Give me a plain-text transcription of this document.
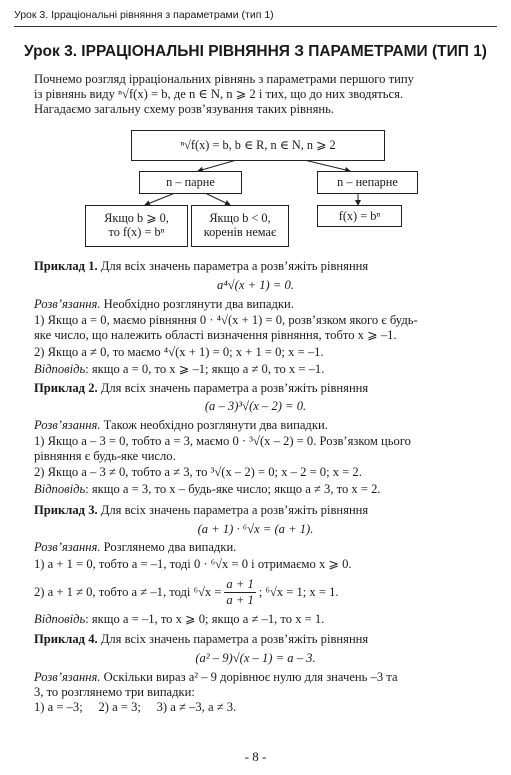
Урок 3. Ірраціональні рівняння з параметрами (тип 1)
Урок 3. ІРРАЦІОНАЛЬНІ РІВНЯННЯ З ПАРАМЕТРАМИ (ТИП 1)
Почнемо розгляд ірраціональних рівнянь з параметрами першого типу
із рівнянь виду ⁿ√f(x) = b, де n ∈ N, n ⩾ 2 і тих, що до них зводяться.
Нагадаємо загальну схему розв’язування таких рівнянь.
ⁿ√f(x) = b, b ∈ R, n ∈ N, n ⩾ 2
n – парне	n – непарне
Якщо b ⩾ 0,
то f(x) = bⁿ
Якщо b < 0,
коренів немає
f(x) = bⁿ
Приклад 1. Для всіх значень параметра a розв’яжіть рівняння
a⁴√(x + 1) = 0.
Розв’язання. Необхідно розглянути два випадки.
1) Якщо a = 0, маємо рівняння 0 · ⁴√(x + 1) = 0, розв’язком якого є будь-
яке число, що належить області визначення рівняння, тобто x ⩾ –1.
2) Якщо a ≠ 0, то маємо ⁴√(x + 1) = 0; x + 1 = 0; x = –1.
Відповідь: якщо a = 0, то x ⩾ –1; якщо a ≠ 0, то x = –1.
Приклад 2. Для всіх значень параметра a розв’яжіть рівняння
(a – 3)³√(x – 2) = 0.
Розв’язання. Також необхідно розглянути два випадки.
1) Якщо a – 3 = 0, тобто a = 3, маємо 0 · ³√(x – 2) = 0. Розв’язком цього
рівняння є будь-яке число.
2) Якщо a – 3 ≠ 0, тобто a ≠ 3, то ³√(x – 2) = 0; x – 2 = 0; x = 2.
Відповідь: якщо a = 3, то x – будь-яке число; якщо a ≠ 3, то x = 2.
Приклад 3. Для всіх значень параметра a розв’яжіть рівняння
(a + 1) · ⁶√x = (a + 1).
Розв’язання. Розглянемо два випадки.
1) a + 1 = 0, тобто a = –1, тоді 0 · ⁶√x = 0 і отримаємо x ⩾ 0.
2) a + 1 ≠ 0, тобто a ≠ –1, тоді $^6√x = \frac{a + 1}{a + 1}$ ; ⁶√x = 1; x = 1.
Відповідь: якщо a = –1, то x ⩾ 0; якщо a ≠ –1, то x = 1.
Приклад 4. Для всіх значень параметра a розв’яжіть рівняння
(a² – 9)√(x – 1) = a – 3.
Розв’язання. Оскільки вираз a² – 9 дорівнює нулю для значень –3 та
3, то розглянемо три випадки:
1) a = –3;     2) a = 3;     3) a ≠ –3, a ≠ 3.
- 8 -
